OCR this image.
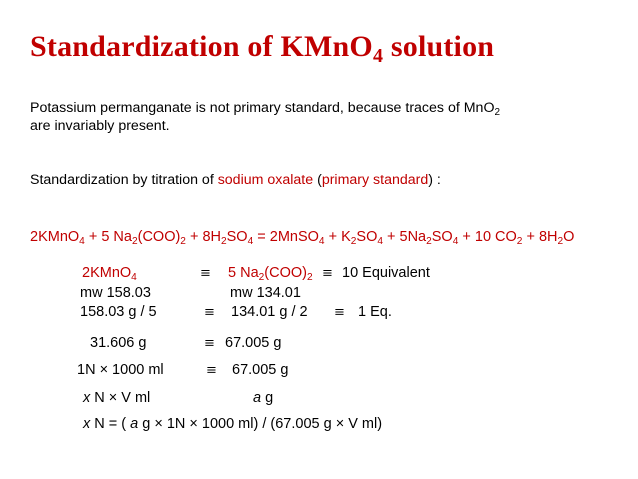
Standardization of KMnO$_4$ solution
Potassium permanganate is not primary standard, because traces of MnO$_2$
are invariably present.
Standardization by titration of sodium oxalate (primary standard) :
2KMnO$_4$ + 5 $Na_2(COO)_2 + 8H_2SO_4$ = 2MnSO$_4$ + $K_2SO_4 + 5Na_2SO_4 + 10$ $CO_2 + 8H_2O$
2KMnO$_4$	≡ 5 $Na_2(COO)_2 \equiv 10$ Equivalent
mw 158.03	mw 134.01
158.03 g / 5	≡ 134.01 g / 2 ≡ 1 Eq.
31.606 g	≡ 67.005 g
1N × 1000 ml	≡ 67.005 g
x N × V ml	a g
x N = ( a g × 1N × 1000 ml) / (67.005 g × V ml)
